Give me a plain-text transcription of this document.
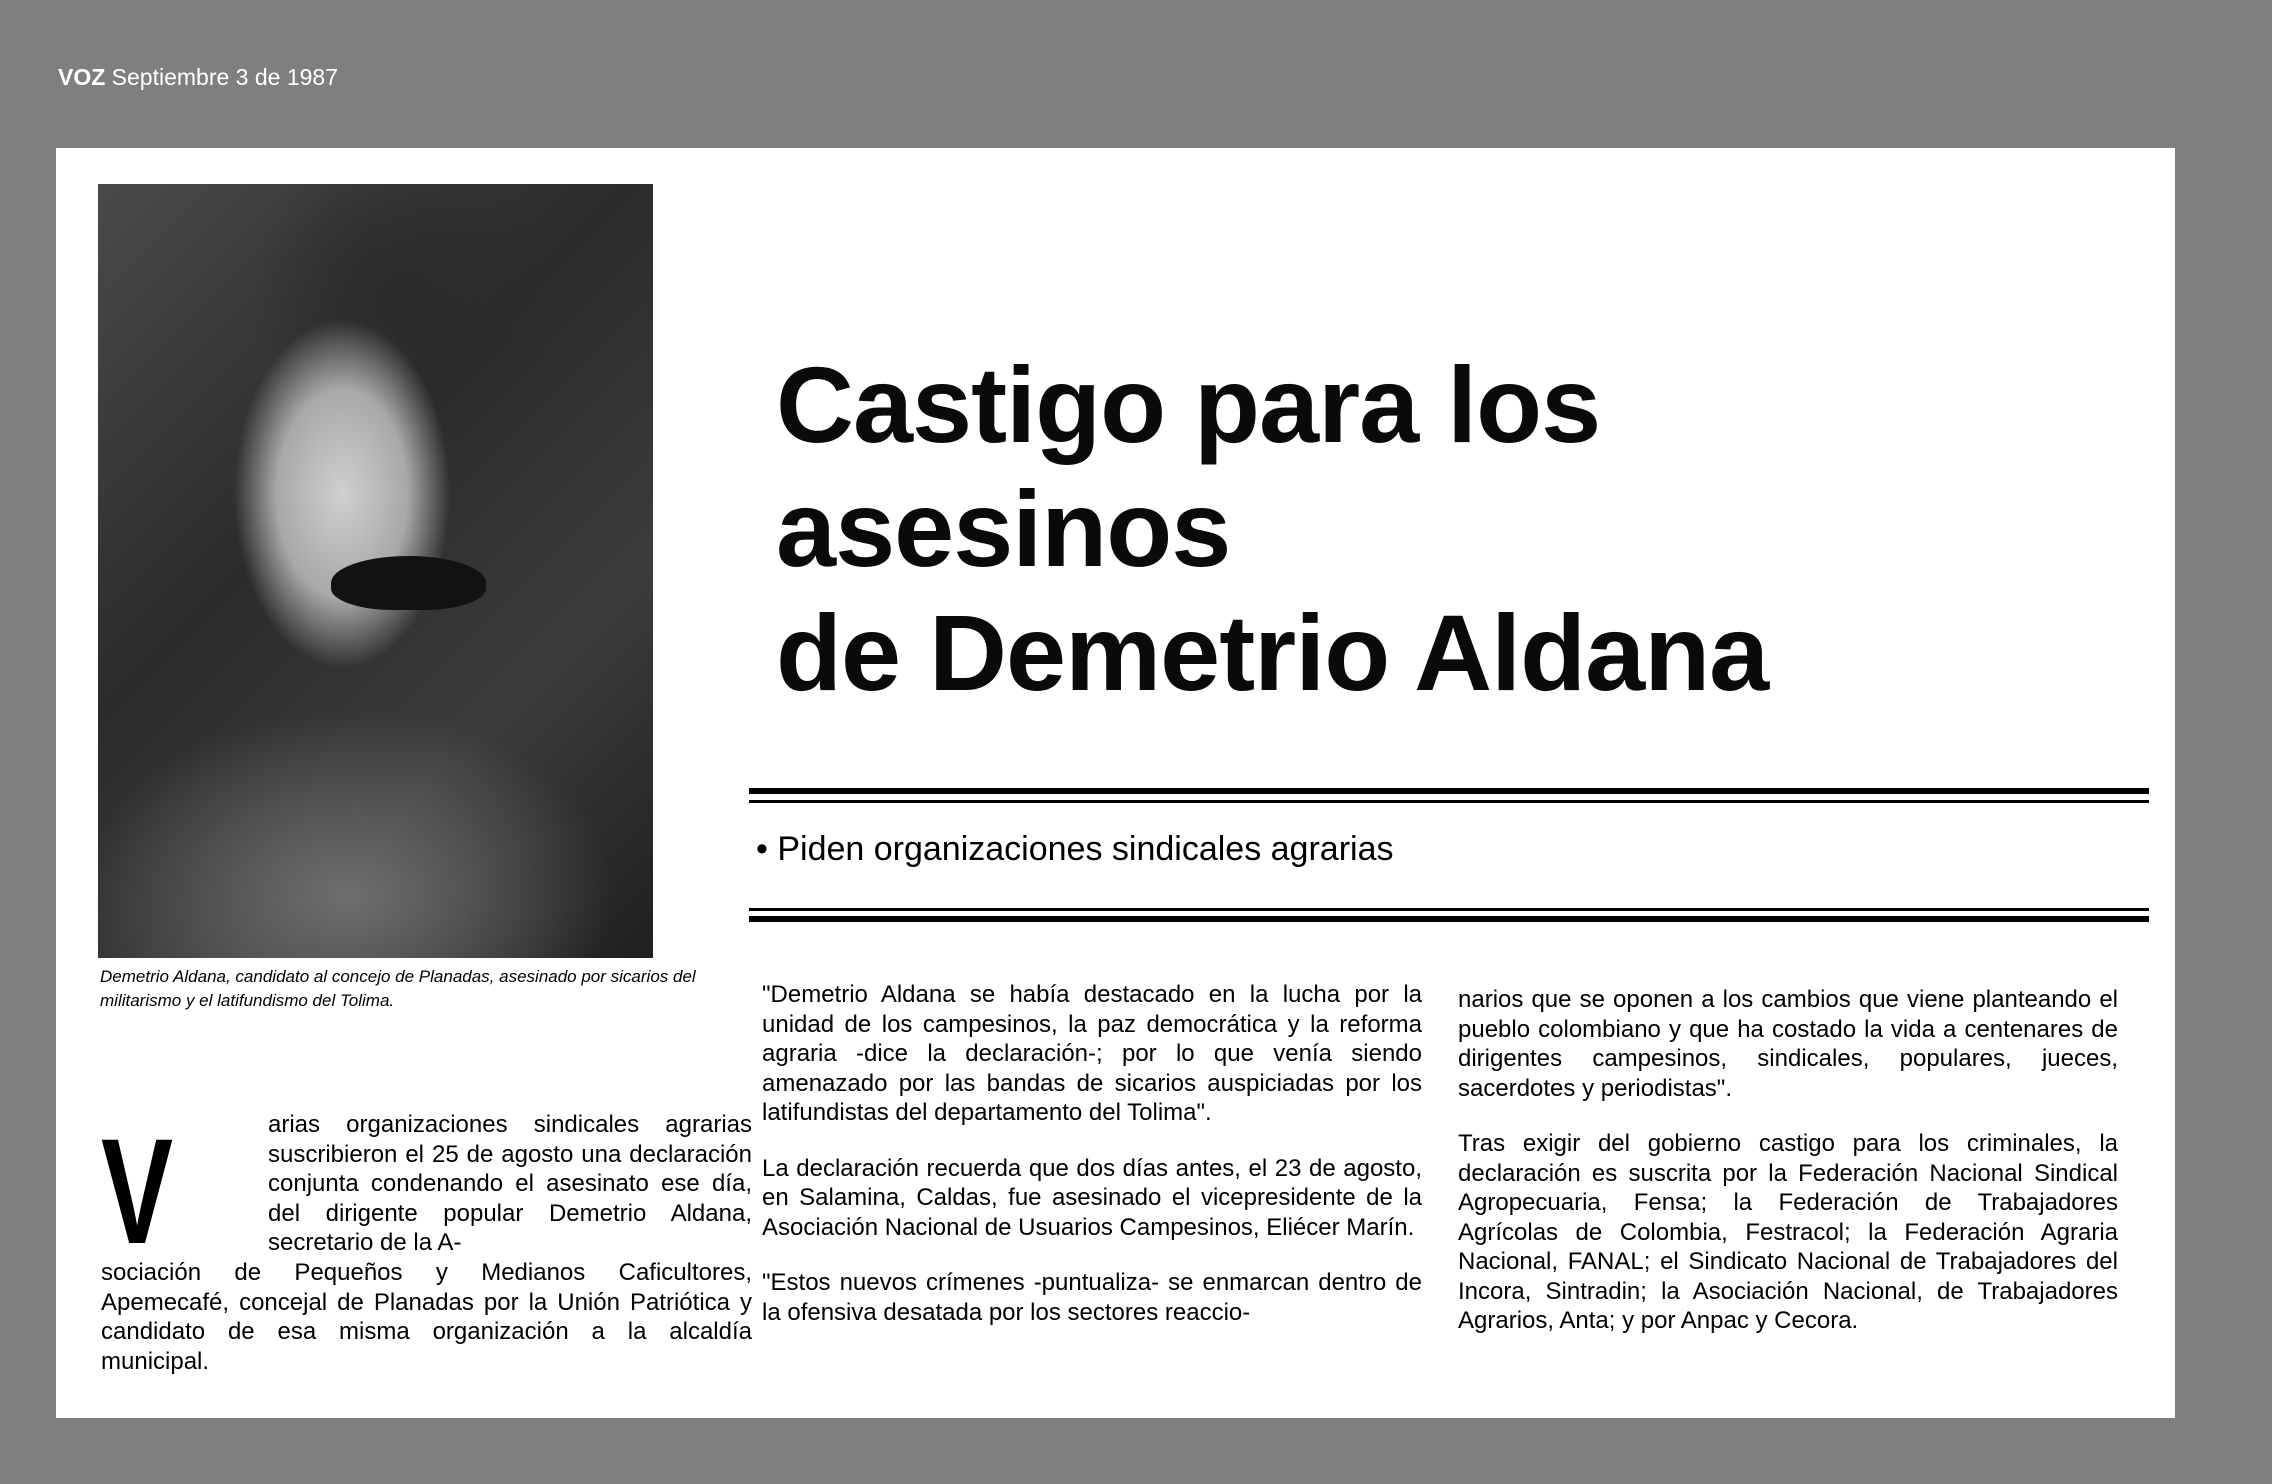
VOZ Septiembre 3 de 1987
Demetrio Aldana, candidato al concejo de Planadas, asesinado por sicarios del militarismo y el latifundismo del Tolima.
Castigo para los
asesinos
de Demetrio Aldana
• Piden organizaciones sindicales agrarias
V	arias organizaciones sindicales agrarias suscribieron el 25 de agosto una declaración conjunta condenando el asesinato ese día, del dirigente popular Demetrio Aldana, secretario de la A-
sociación de Pequeños y Medianos Caficultores, Apemecafé, concejal de Planadas por la Unión Patriótica y candidato de esa misma organización a la alcaldía municipal.

"Demetrio Aldana se había destacado en la lucha por la unidad de los campesinos, la paz democrática y la reforma agraria -dice la declaración-; por lo que venía siendo amenazado por las bandas de sicarios auspiciadas por los latifundistas del departamento del Tolima".

La declaración recuerda que dos días antes, el 23 de agosto, en Salamina, Caldas, fue asesinado el vicepresidente de la Asociación Nacional de Usuarios Campesinos, Eliécer Marín.

"Estos nuevos crímenes -puntualiza- se enmarcan dentro de la ofensiva desatada por los sectores reaccio-

narios que se oponen a los cambios que viene planteando el pueblo colombiano y que ha costado la vida a centenares de dirigentes campesinos, sindicales, populares, jueces, sacerdotes y periodistas".

Tras exigir del gobierno castigo para los criminales, la declaración es suscrita por la Federación Nacional Sindical Agropecuaria, Fensa; la Federación de Trabajadores Agrícolas de Colombia, Festracol; la Federación Agraria Nacional, FANAL; el Sindicato Nacional de Trabajadores del Incora, Sintradin; la Asociación Nacional, de Trabajadores Agrarios, Anta; y por Anpac y Cecora.
